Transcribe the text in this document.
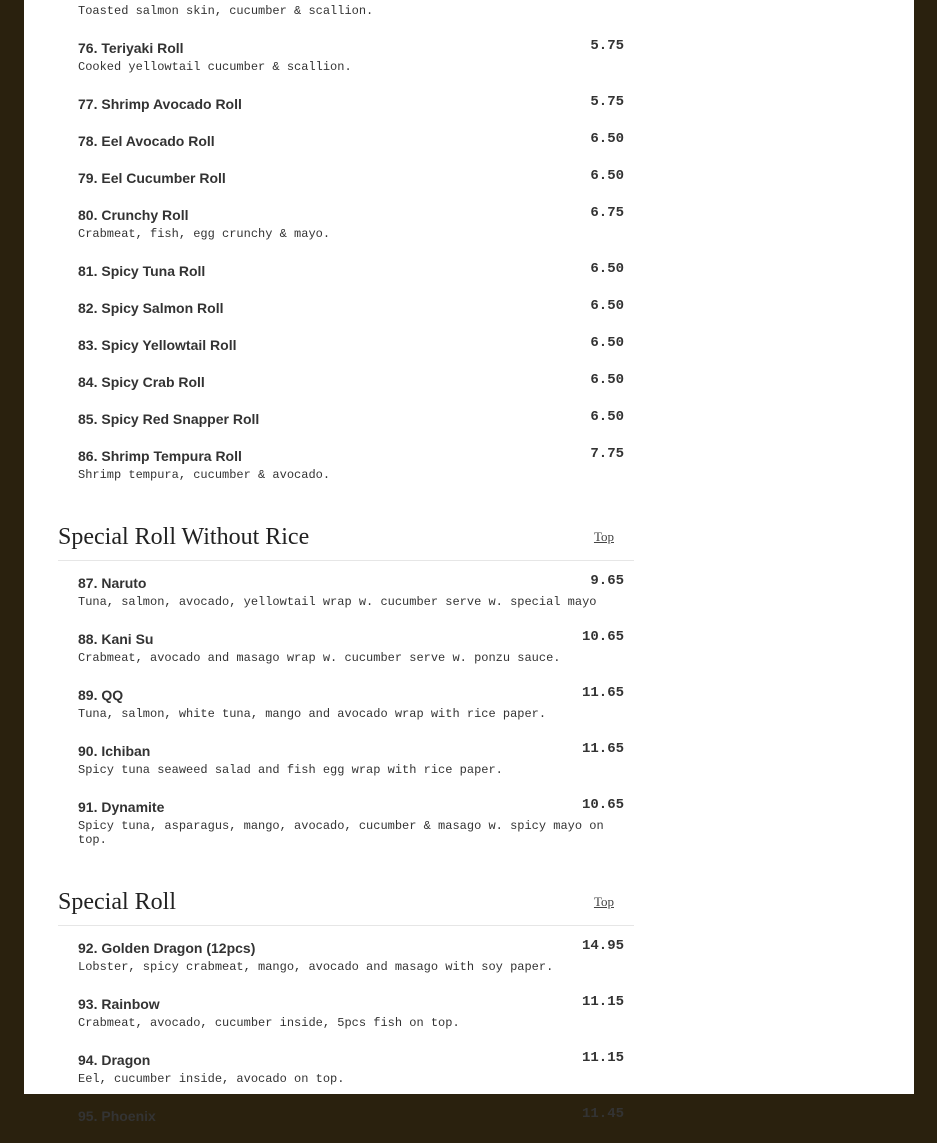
Toasted salmon skin, cucumber & scallion.
76. Teriyaki Roll	5.75
Cooked yellowtail cucumber & scallion.
77. Shrimp Avocado Roll	5.75
78. Eel Avocado Roll	6.50
79. Eel Cucumber Roll	6.50
80. Crunchy Roll	6.75
Crabmeat, fish, egg crunchy & mayo.
81. Spicy Tuna Roll	6.50
82. Spicy Salmon Roll	6.50
83. Spicy Yellowtail Roll	6.50
84. Spicy Crab Roll	6.50
85. Spicy Red Snapper Roll	6.50
86. Shrimp Tempura Roll	7.75
Shrimp tempura, cucumber & avocado.
Special Roll Without Rice	Top
87. Naruto	9.65
Tuna, salmon, avocado, yellowtail wrap w. cucumber serve w. special mayo
88. Kani Su	10.65
Crabmeat, avocado and masago wrap w. cucumber serve w. ponzu sauce.
89. QQ	11.65
Tuna, salmon, white tuna, mango and avocado wrap with rice paper.
90. Ichiban	11.65
Spicy tuna seaweed salad and fish egg wrap with rice paper.
91. Dynamite	10.65
Spicy tuna, asparagus, mango, avocado, cucumber & masago w. spicy mayo on top.
Special Roll	Top
92. Golden Dragon (12pcs)	14.95
Lobster, spicy crabmeat, mango, avocado and masago with soy paper.
93. Rainbow	11.15
Crabmeat, avocado, cucumber inside, 5pcs fish on top.
94. Dragon	11.15
Eel, cucumber inside, avocado on top.
95. Phoenix	11.45
